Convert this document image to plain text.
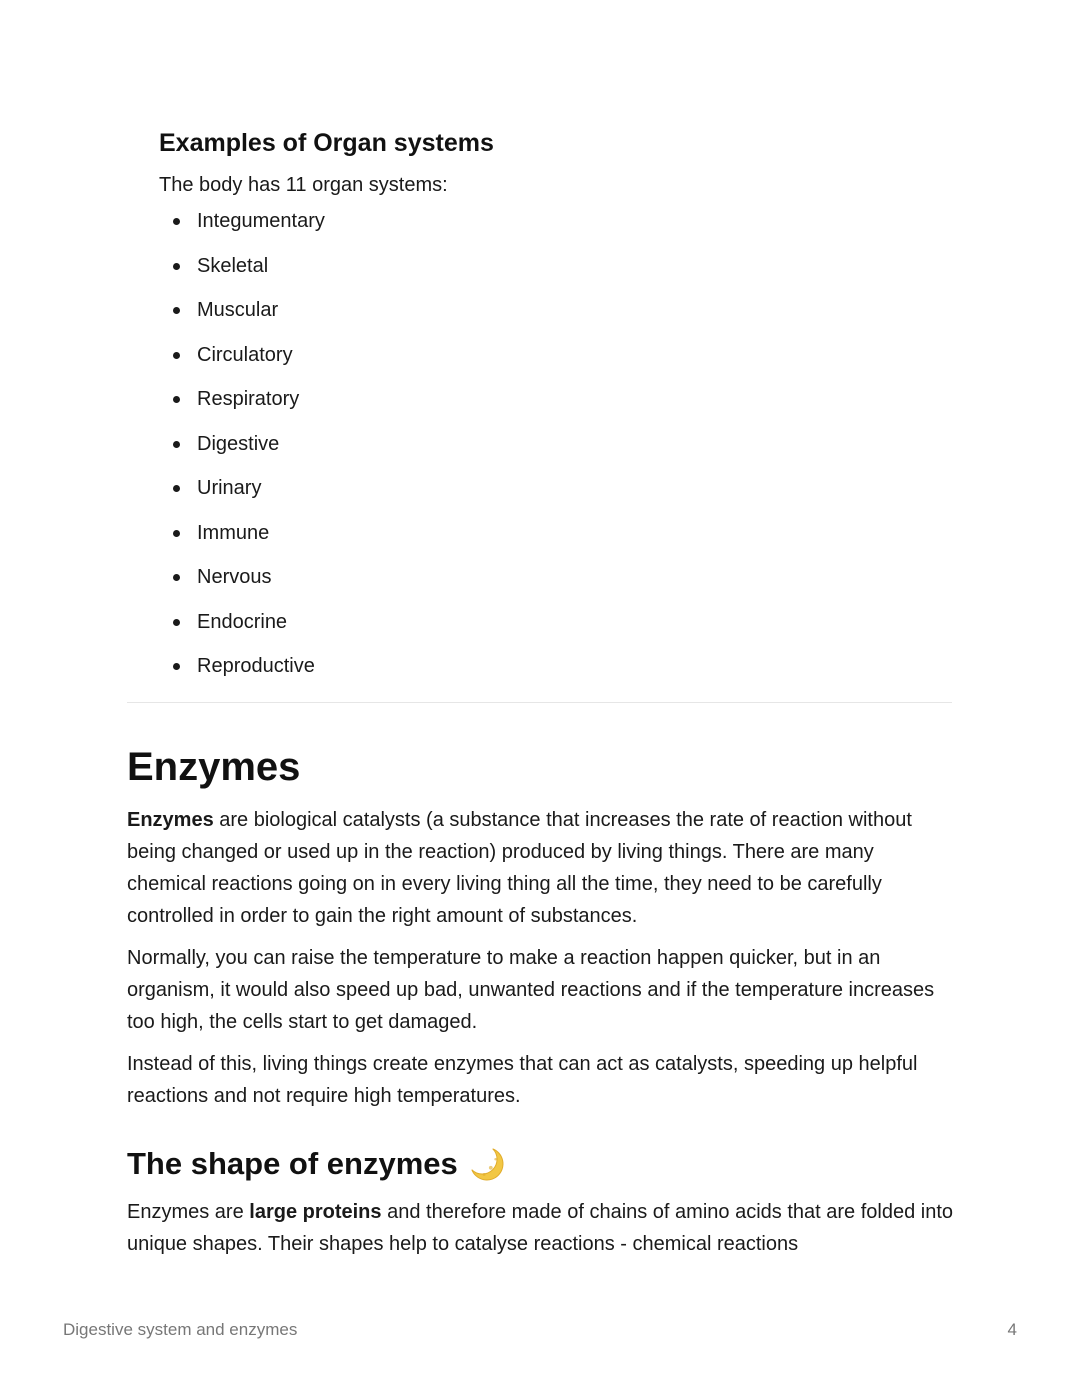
Examples of Organ systems

The body has 11 organ systems:

Integumentary
Skeletal
Muscular
Circulatory
Respiratory
Digestive
Urinary
Immune
Nervous
Endocrine
Reproductive
Enzymes

Enzymes are biological catalysts (a substance that increases the rate of reaction without being changed or used up in the reaction) produced by living things. There are many chemical reactions going on in every living thing all the time, they need to be carefully controlled in order to gain the right amount of substances.

Normally, you can raise the temperature to make a reaction happen quicker, but in an organism, it would also speed up bad, unwanted reactions and if the temperature increases too high, the cells start to get damaged.

Instead of this, living things create enzymes that can act as catalysts, speeding up helpful reactions and not require high temperatures.

The shape of enzymes

Enzymes are large proteins and therefore made of chains of amino acids that are folded into unique shapes. Their shapes help to catalyse reactions - chemical reactions

Digestive system and enzymes	4
